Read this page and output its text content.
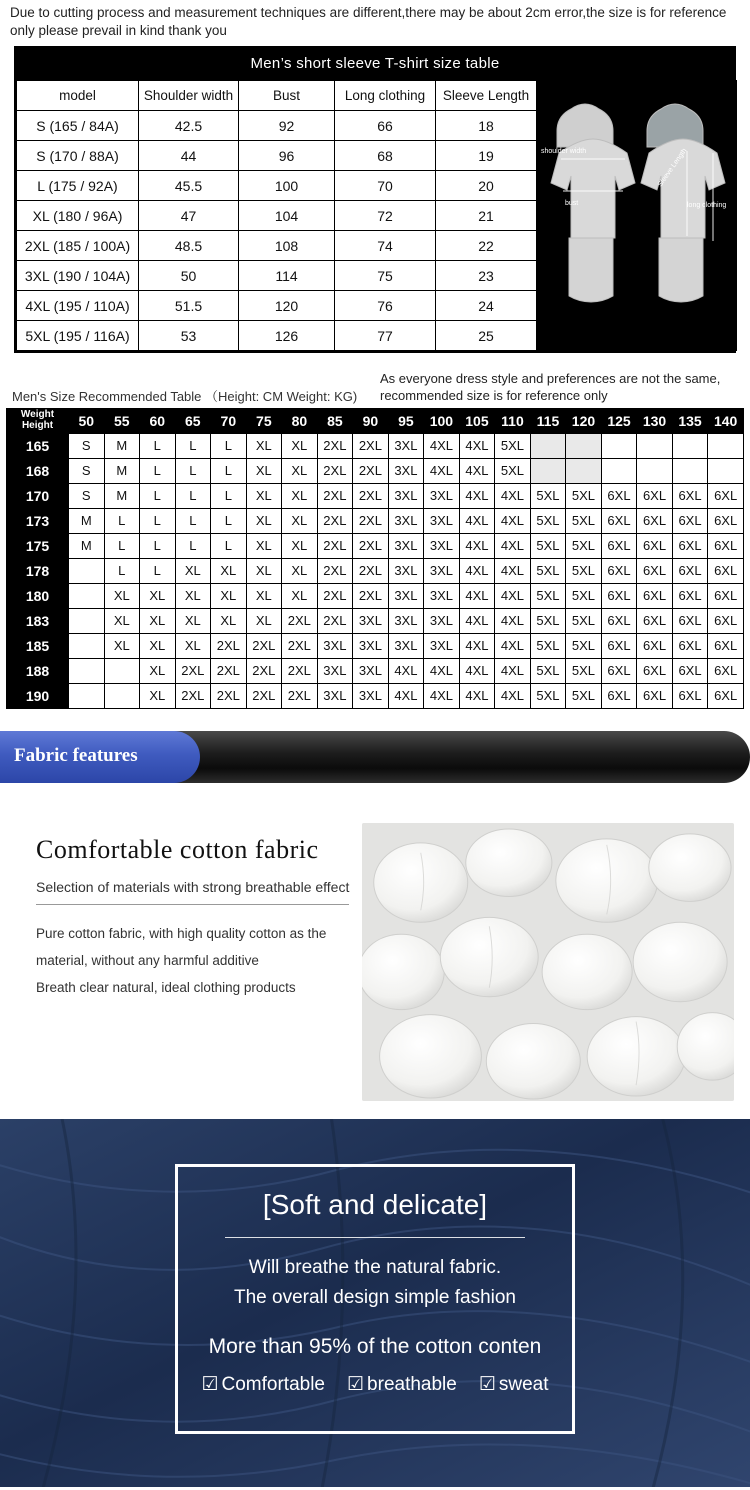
Due to cutting process and measurement techniques are different,there may be about 2cm error,the size is for reference only please prevail in kind thank you
Men’s short sleeve T-shirt size table
model	Shoulder width	Bust	Long clothing	Sleeve Length
S (165 / 84A)	42.5	92	66	18
S (170 / 88A)	44	96	68	19
L (175 / 92A)	45.5	100	70	20
XL (180 / 96A)	47	104	72	21
2XL (185 / 100A)	48.5	108	74	22
3XL (190 / 104A)	50	114	75	23
4XL (195 / 110A)	51.5	120	76	24
5XL (195 / 116A)	53	126	77	25
shoulder width
bust
Sleeve Length
long clothing
Men's Size Recommended Table （Height: CM Weight: KG)
As everyone dress style and preferences are not the same, recommended size is for reference only
Weight
Height	50	55	60	65	70	75	80	85	90	95	100	105	110	115	120	125	130	135	140
165	S	M	L	L	L	XL	XL	2XL	2XL	3XL	4XL	4XL	5XL						
168	S	M	L	L	L	XL	XL	2XL	2XL	3XL	4XL	4XL	5XL						
170	S	M	L	L	L	XL	XL	2XL	2XL	3XL	3XL	4XL	4XL	5XL	5XL	6XL	6XL	6XL	6XL
173	M	L	L	L	L	XL	XL	2XL	2XL	3XL	3XL	4XL	4XL	5XL	5XL	6XL	6XL	6XL	6XL
175	M	L	L	L	L	XL	XL	2XL	2XL	3XL	3XL	4XL	4XL	5XL	5XL	6XL	6XL	6XL	6XL
178		L	L	XL	XL	XL	XL	2XL	2XL	3XL	3XL	4XL	4XL	5XL	5XL	6XL	6XL	6XL	6XL
180		XL	XL	XL	XL	XL	XL	2XL	2XL	3XL	3XL	4XL	4XL	5XL	5XL	6XL	6XL	6XL	6XL
183		XL	XL	XL	XL	XL	2XL	2XL	3XL	3XL	3XL	4XL	4XL	5XL	5XL	6XL	6XL	6XL	6XL
185		XL	XL	XL	2XL	2XL	2XL	3XL	3XL	3XL	3XL	4XL	4XL	5XL	5XL	6XL	6XL	6XL	6XL
188			XL	2XL	2XL	2XL	2XL	3XL	3XL	4XL	4XL	4XL	4XL	5XL	5XL	6XL	6XL	6XL	6XL
190			XL	2XL	2XL	2XL	2XL	3XL	3XL	4XL	4XL	4XL	4XL	5XL	5XL	6XL	6XL	6XL	6XL
Fabric features
Comfortable cotton fabric
Selection of materials with strong breathable effect
Pure cotton fabric, with high quality cotton as the
material, without any harmful additive
Breath clear natural, ideal clothing products
[Soft and delicate]
Will breathe the natural fabric.
The overall design simple fashion
More than 95% of the cotton conten
☑ Comfortable ☑ breathable ☑ sweat
